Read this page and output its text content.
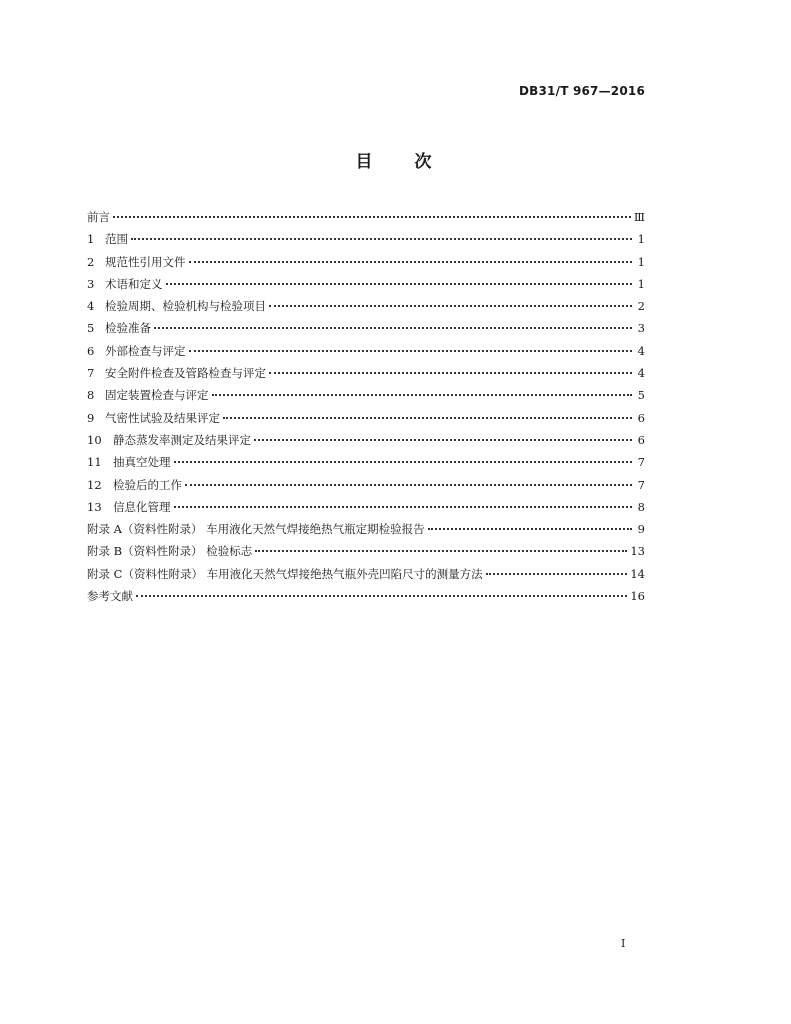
DB31/T 967—2016
目次
前言	Ⅲ
1 范围	1
2 规范性引用文件	1
3 术语和定义	1
4 检验周期、检验机构与检验项目	2
5 检验准备	3
6 外部检查与评定	4
7 安全附件检查及管路检查与评定	4
8 固定装置检查与评定	5
9 气密性试验及结果评定	6
10 静态蒸发率测定及结果评定	6
11 抽真空处理	7
12 检验后的工作	7
13 信息化管理	8
附录 A（资料性附录） 车用液化天然气焊接绝热气瓶定期检验报告	9
附录 B（资料性附录） 检验标志	13
附录 C（资料性附录） 车用液化天然气焊接绝热气瓶外壳凹陷尺寸的测量方法	14
参考文献	16
I
